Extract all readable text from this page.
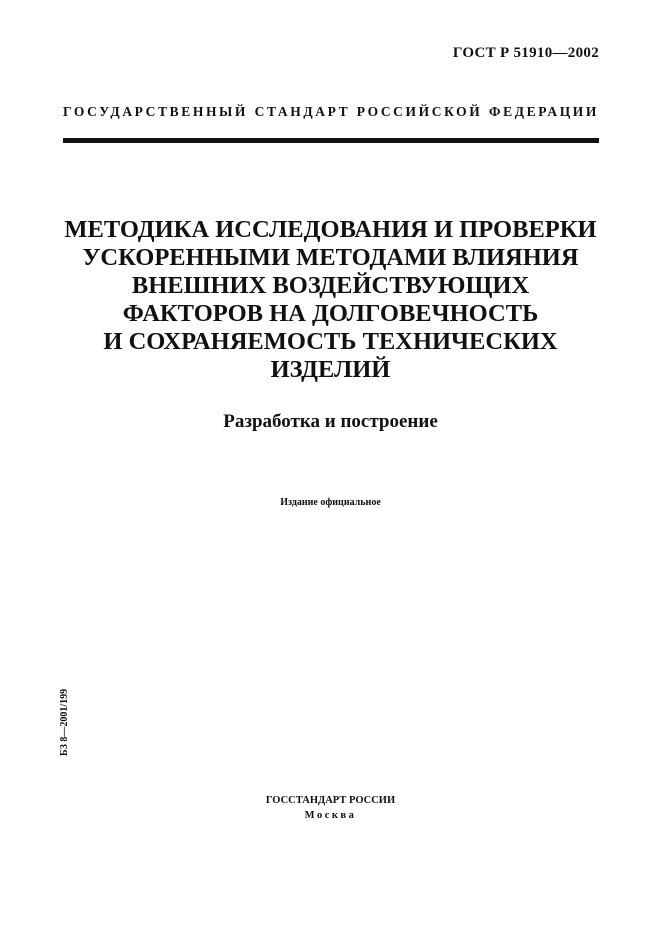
ГОСТ Р 51910—2002
ГОСУДАРСТВЕННЫЙ СТАНДАРТ РОССИЙСКОЙ ФЕДЕРАЦИИ
МЕТОДИКА ИССЛЕДОВАНИЯ И ПРОВЕРКИ
УСКОРЕННЫМИ МЕТОДАМИ ВЛИЯНИЯ
ВНЕШНИХ ВОЗДЕЙСТВУЮЩИХ
ФАКТОРОВ НА ДОЛГОВЕЧНОСТЬ
И СОХРАНЯЕМОСТЬ ТЕХНИЧЕСКИХ
ИЗДЕЛИЙ
Разработка и построение
Издание официальное
БЗ 8—2001/199
ГОССТАНДАРТ РОССИИ
Москва
